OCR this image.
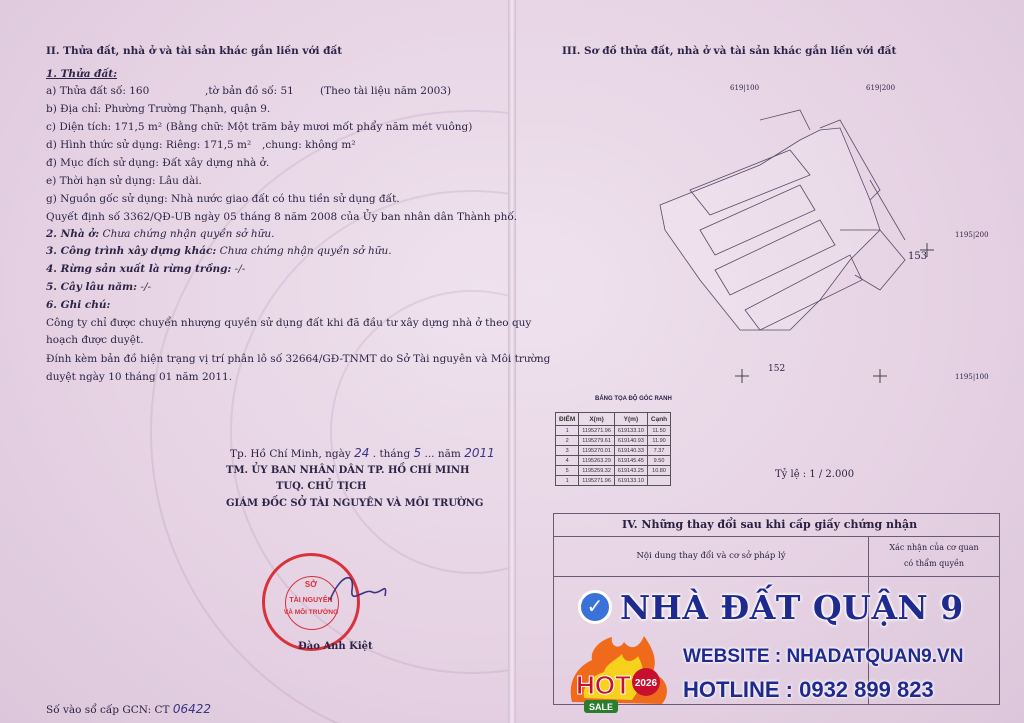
II. Thửa đất, nhà ở và tài sản khác gắn liền với đất
1. Thửa đất:
a) Thửa đất số: 160	,tờ bản đồ số: 51 (Theo tài liệu năm 2003)
b) Địa chỉ: Phường Trường Thạnh, quận 9.
c) Diện tích: 171,5 m² (Bằng chữ: Một trăm bảy mươi mốt phẩy năm mét vuông)
d) Hình thức sử dụng: Riêng: 171,5 m² ,chung: không m²
đ) Mục đích sử dụng: Đất xây dựng nhà ở.
e) Thời hạn sử dụng: Lâu dài.
g) Nguồn gốc sử dụng: Nhà nước giao đất có thu tiền sử dụng đất.
Quyết định số 3362/QĐ-UB ngày 05 tháng 8 năm 2008 của Ủy ban nhân dân Thành phố.
2. Nhà ở: Chưa chứng nhận quyền sở hữu.
3. Công trình xây dựng khác: Chưa chứng nhận quyền sở hữu.
4. Rừng sản xuất là rừng trồng: -/-
5. Cây lâu năm: -/-
6. Ghi chú:
Công ty chỉ được chuyển nhượng quyền sử dụng đất khi đã đầu tư xây dựng nhà ở theo quy
hoạch được duyệt.
Đính kèm bản đồ hiện trạng vị trí phân lô số 32664/GĐ-TNMT do Sở Tài nguyên và Môi trường
duyệt ngày 10 tháng 01 năm 2011.
Tp. Hồ Chí Minh, ngày 24 . tháng 5 ... năm 2011
TM. ỦY BAN NHÂN DÂN TP. HỒ CHÍ MINH
TUQ. CHỦ TỊCH
GIÁM ĐỐC SỞ TÀI NGUYÊN VÀ MÔI TRƯỜNG
SỞ
TÀI NGUYÊN
VÀ MÔI TRƯỜNG
Đào Anh Kiệt
Số vào sổ cấp GCN: CT 06422
III. Sơ đồ thửa đất, nhà ở và tài sản khác gắn liền với đất
619|100	619|200
1195|200
1195|100
153
152
BẢNG TỌA ĐỘ GÓC RANH
ĐIỂM	X(m)	Y(m)	Cạnh
1	1195271.96	619133.10	11.50
2	1195279.61	619140.93	11.90
3	1195270.01	619140.33	7.37
4	1195263.29	619145.45	9.50
5	1195259.32	619143.25	10.80
1	1195271.96	619133.10	
Tỷ lệ : 1 / 2.000
IV. Những thay đổi sau khi cấp giấy chứng nhận
Nội dung thay đổi và cơ sở pháp lý
Xác nhận của cơ quan
có thẩm quyền
✓ NHÀ ĐẤT QUẬN 9
WEBSITE : NHADATQUAN9.VN
HOTLINE : 0932 899 823
HOT 2026
SALE
